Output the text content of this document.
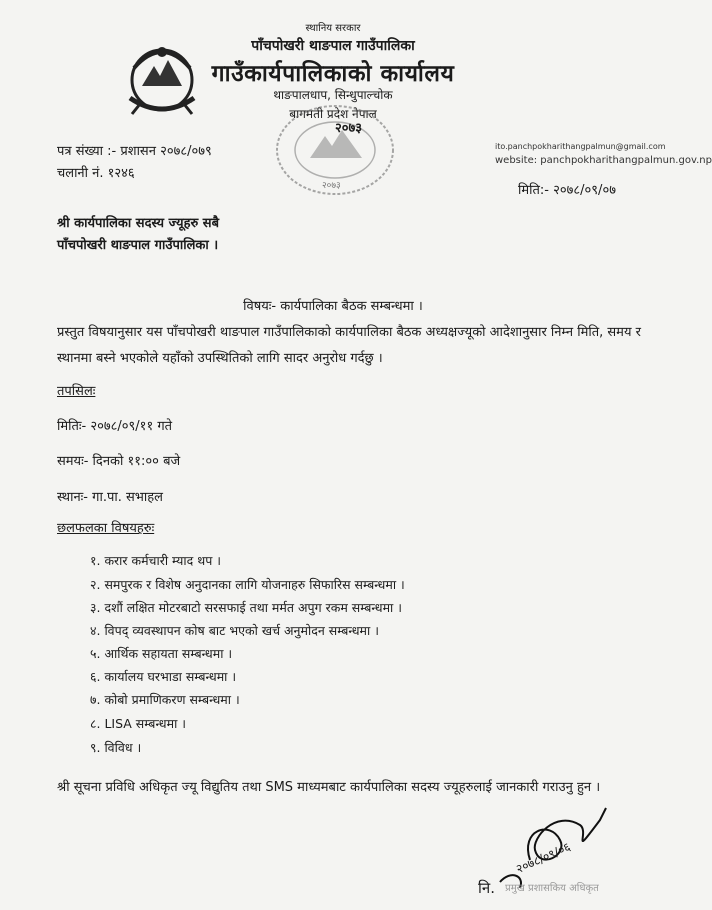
स्थानिय सरकार
पाँचपोखरी थाङपाल गाउँपालिका
गाउँकार्यपालिकाको कार्यालय
थाङपालधाप, सिन्धुपाल्चोक
बागमती प्रदेश नेपाल
२०७३
२०७३
ito.panchpokharithangpalmun@gmail.com
website: panchpokharithangpalmun.gov.np
पत्र संख्या :- प्रशासन २०७८/०७९
चलानी नं. १२४६
मिति:- २०७८/०९/०७
श्री कार्यपालिका सदस्य ज्यूहरु सबै
पाँचपोखरी थाङपाल गाउँपालिका ।
विषयः- कार्यपालिका बैठक सम्बन्धमा ।
प्रस्तुत विषयानुसार यस पाँचपोखरी थाङपाल गाउँपालिकाको कार्यपालिका बैठक अध्यक्षज्यूको आदेशानुसार निम्न मिति, समय र स्थानमा बस्ने भएकोले यहाँको उपस्थितिको लागि सादर अनुरोध गर्दछु ।
तपसिलः
मितिः- २०७८/०९/११ गते
समयः- दिनको ११:०० बजे
स्थानः- गा.पा. सभाहल
छलफलका विषयहरुः
१. करार कर्मचारी म्याद थप ।
२. समपुरक र विशेष अनुदानका लागि योजनाहरु सिफारिस सम्बन्धमा ।
३. दशौं लक्षित मोटरबाटो सरसफाई तथा मर्मत अपुग रकम सम्बन्धमा ।
४. विपद् व्यवस्थापन कोष बाट भएको खर्च अनुमोदन सम्बन्धमा ।
५. आर्थिक सहायता सम्बन्धमा ।
६. कार्यालय घरभाडा सम्बन्धमा ।
७. कोबो प्रमाणिकरण सम्बन्धमा ।
८. LISA सम्बन्धमा ।
९. विविध ।
श्री सूचना प्रविधि अधिकृत ज्यू विद्युतिय तथा SMS माध्यमबाट कार्यपालिका सदस्य ज्यूहरुलाई जानकारी गराउनु हुन ।
२०७८/०९/०६
नि. प्रमुख प्रशासकिय अधिकृत
